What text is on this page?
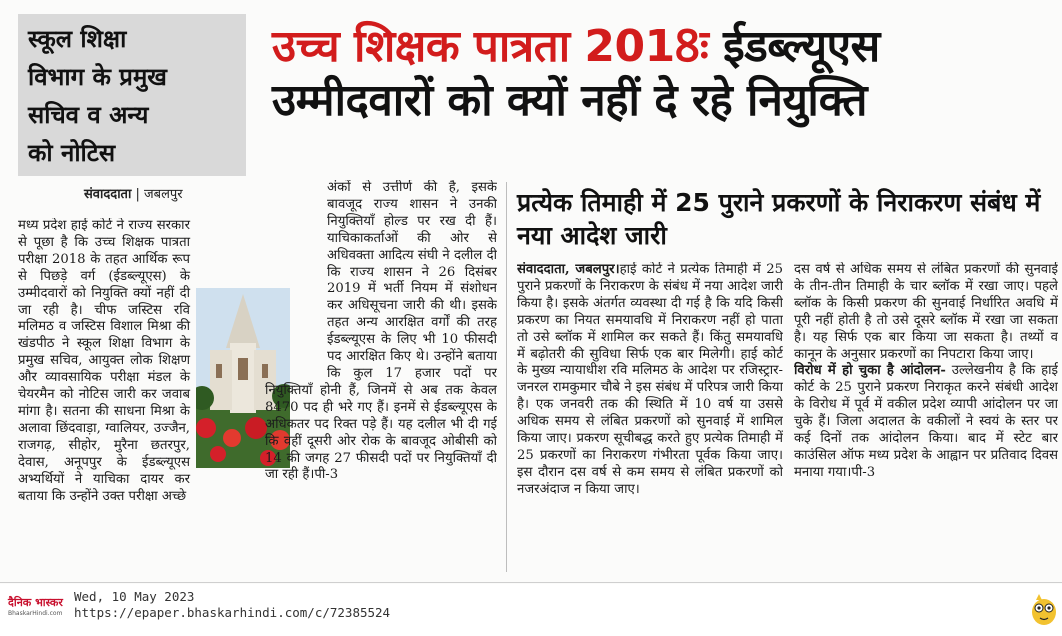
स्कूल शिक्षा
विभाग के प्रमुख
सचिव व अन्य
को नोटिस
संवाददाता | जबलपुर
उच्च शिक्षक पात्रता 2018ः ईडब्ल्यूएस
उम्मीदवारों को क्यों नहीं दे रहे नियुक्ति

मध्य प्रदेश हाई कोर्ट ने राज्य सरकार से पूछा है कि उच्च शिक्षक पात्रता परीक्षा 2018 के तहत आर्थिक रूप से पिछड़े वर्ग (ईडब्ल्यूएस) के उम्मीदवारों को नियुक्ति क्यों नहीं दी जा रही है। चीफ जस्टिस रवि मलिमठ व जस्टिस विशाल मिश्रा की खंडपीठ ने स्कूल शिक्षा विभाग के प्रमुख सचिव, आयुक्त लोक शिक्षण और व्यावसायिक परीक्षा मंडल के चेयरमैन को नोटिस जारी कर जवाब मांगा है। सतना की साधना मिश्रा के अलावा छिंदवाड़ा, ग्वालियर, उज्जैन, राजगढ़, सीहोर, मुरैना छतरपुर, देवास, अनूपपुर के ईडब्ल्यूएस अभ्यर्थियों ने याचिका दायर कर बताया कि उन्होंने उक्त परीक्षा अच्छे

अंकों से उत्तीर्ण की है, इसके बावजूद राज्य शासन ने उनकी नियुक्तियाँ होल्ड पर रख दी हैं। याचिकाकर्ताओं की ओर से अधिवक्ता आदित्य संघी ने दलील दी कि राज्य शासन ने 26 दिसंबर 2019 में भर्ती नियम में संशोधन कर अधिसूचना जारी की थी। इसके तहत अन्य आरक्षित वर्गों की तरह ईडब्ल्यूएस के लिए भी 10 फीसदी पद आरक्षित किए थे। उन्होंने बताया कि कुल 17 हजार पदों पर नियुक्तियाँ होनी हैं, जिनमें से अब तक केवल 8470 पद ही भरे गए हैं। इनमें से ईडब्ल्यूएस के अधिकतर पद रिक्त पड़े हैं। यह दलील भी दी गई कि वहीं दूसरी ओर रोक के बावजूद ओबीसी को 14 की जगह 27 फीसदी पदों पर नियुक्तियाँ दी जा रही हैं।पी-3

प्रत्येक तिमाही में 25 पुराने प्रकरणों के निराकरण संबंध में नया आदेश जारी

संवाददाता, जबलपुर।हाई कोर्ट ने प्रत्येक तिमाही में 25 पुराने प्रकरणों के निराकरण के संबंध में नया आदेश जारी किया है। इसके अंतर्गत व्यवस्था दी गई है कि यदि किसी प्रकरण का नियत समयावधि में निराकरण नहीं हो पाता तो उसे ब्लॉक में शामिल कर सकते हैं। किंतु समयावधि में बढ़ोतरी की सुविधा सिर्फ एक बार मिलेगी। हाई कोर्ट के मुख्य न्यायाधीश रवि मलिमठ के आदेश पर रजिस्ट्रार-जनरल रामकुमार चौबे ने इस संबंध में परिपत्र जारी किया है। एक जनवरी तक की स्थिति में 10 वर्ष या उससे अधिक समय से लंबित प्रकरणों को सुनवाई में शामिल किया जाए। प्रकरण सूचीबद्ध करते हुए प्रत्येक तिमाही में 25 प्रकरणों का निराकरण गंभीरता पूर्वक किया जाए। इस दौरान दस वर्ष से कम समय से लंबित प्रकरणों को नजरअंदाज न किया जाए।

दस वर्ष से अधिक समय से लंबित प्रकरणों की सुनवाई के तीन-तीन तिमाही के चार ब्लॉक में रखा जाए। पहले ब्लॉक के किसी प्रकरण की सुनवाई निर्धारित अवधि में पूरी नहीं होती है तो उसे दूसरे ब्लॉक में रखा जा सकता है। यह सिर्फ एक बार किया जा सकता है। तथ्यों व कानून के अनुसार प्रकरणों का निपटारा किया जाए।

विरोध में हो चुका है आंदोलन- उल्लेखनीय है कि हाई कोर्ट के 25 पुराने प्रकरण निराकृत करने संबंधी आदेश के विरोध में पूर्व में वकील प्रदेश व्यापी आंदोलन पर जा चुके हैं। जिला अदालत के वकीलों ने स्वयं के स्तर पर कई दिनों तक आंदोलन किया। बाद में स्टेट बार काउंसिल ऑफ मध्य प्रदेश के आह्वान पर प्रतिवाद दिवस मनाया गया।पी-3

दैनिक भास्कर
BhaskarHindi.com
Wed, 10 May 2023
https://epaper.bhaskarhindi.com/c/72385524
